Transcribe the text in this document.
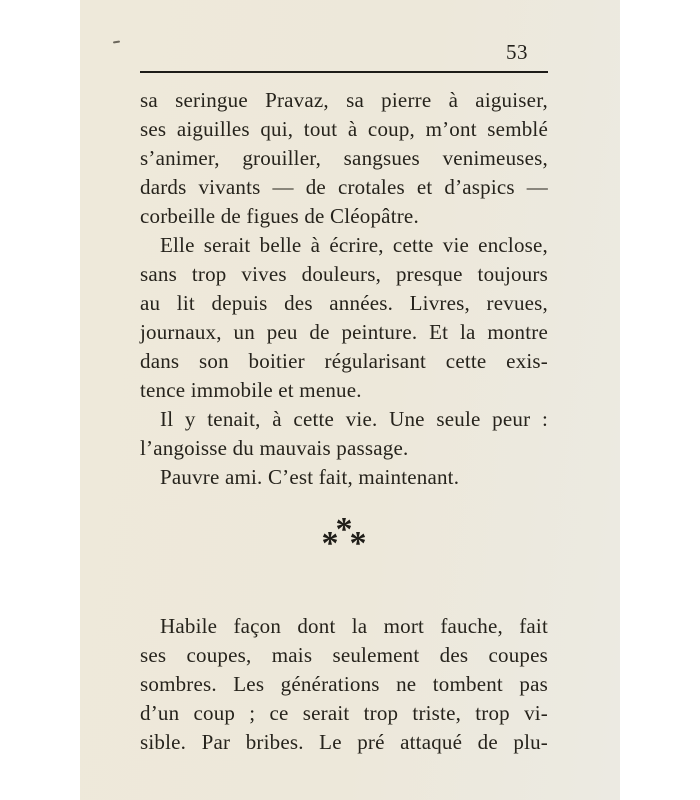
53
sa seringue Pravaz, sa pierre à aiguiser,
ses aiguilles qui, tout à coup, m’ont semblé
s’animer, grouiller, sangsues venimeuses,
dards vivants — de crotales et d’aspics —
corbeille de figues de Cléopâtre.
Elle serait belle à écrire, cette vie enclose,
sans trop vives douleurs, presque toujours
au lit depuis des années. Livres, revues,
journaux, un peu de peinture. Et la montre
dans son boitier régularisant cette exis-
tence immobile et menue.
Il y tenait, à cette vie. Une seule peur :
l’angoisse du mauvais passage.
Pauvre ami. C’est fait, maintenant.
*
* *
Habile façon dont la mort fauche, fait
ses coupes, mais seulement des coupes
sombres. Les générations ne tombent pas
d’un coup ; ce serait trop triste, trop vi-
sible. Par bribes. Le pré attaqué de plu-
